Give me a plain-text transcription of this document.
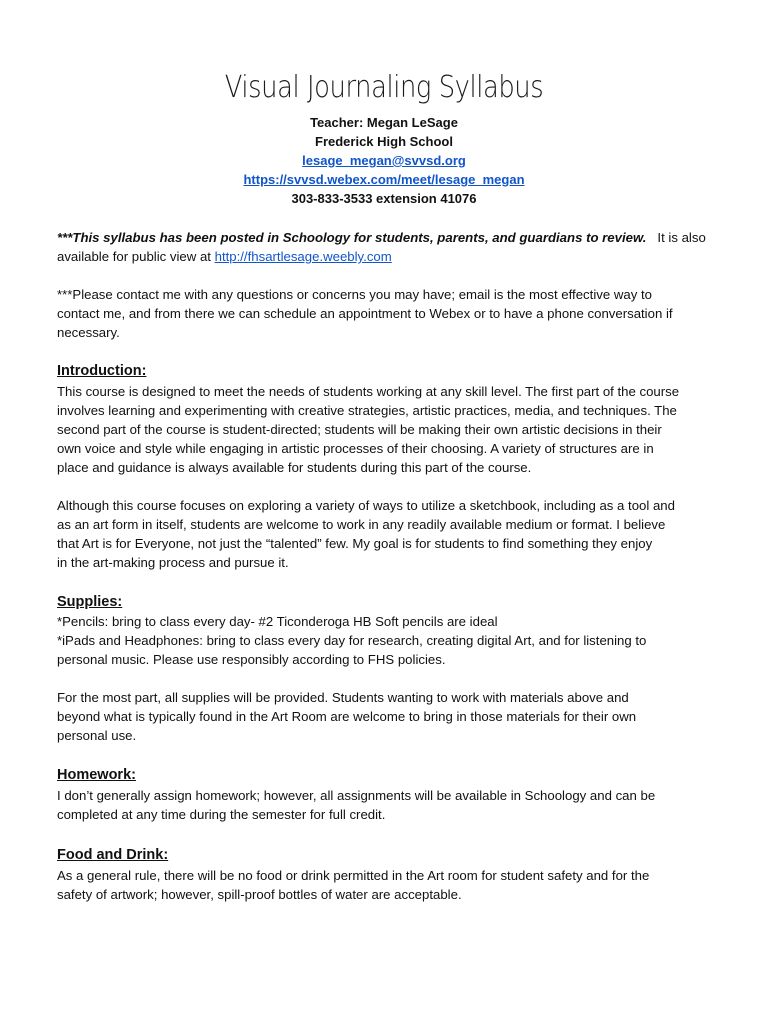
Visual Journaling Syllabus
Teacher: Megan LeSage
Frederick High School
lesage_megan@svvsd.org
https://svvsd.webex.com/meet/lesage_megan
303-833-3533 extension 41076
***This syllabus has been posted in Schoology for students, parents, and guardians to review. It is also
available for public view at http://fhsartlesage.weebly.com
***Please contact me with any questions or concerns you may have; email is the most effective way to
contact me, and from there we can schedule an appointment to Webex or to have a phone conversation if
necessary.
Introduction:
This course is designed to meet the needs of students working at any skill level. The first part of the course
involves learning and experimenting with creative strategies, artistic practices, media, and techniques. The
second part of the course is student-directed; students will be making their own artistic decisions in their
own voice and style while engaging in artistic processes of their choosing. A variety of structures are in
place and guidance is always available for students during this part of the course.
Although this course focuses on exploring a variety of ways to utilize a sketchbook, including as a tool and
as an art form in itself, students are welcome to work in any readily available medium or format. I believe
that Art is for Everyone, not just the “talented” few. My goal is for students to find something they enjoy
in the art-making process and pursue it.
Supplies:
*Pencils: bring to class every day- #2 Ticonderoga HB Soft pencils are ideal
*iPads and Headphones: bring to class every day for research, creating digital Art, and for listening to
personal music. Please use responsibly according to FHS policies.
For the most part, all supplies will be provided. Students wanting to work with materials above and
beyond what is typically found in the Art Room are welcome to bring in those materials for their own
personal use.
Homework:
I don’t generally assign homework; however, all assignments will be available in Schoology and can be
completed at any time during the semester for full credit.
Food and Drink:
As a general rule, there will be no food or drink permitted in the Art room for student safety and for the
safety of artwork; however, spill-proof bottles of water are acceptable.
